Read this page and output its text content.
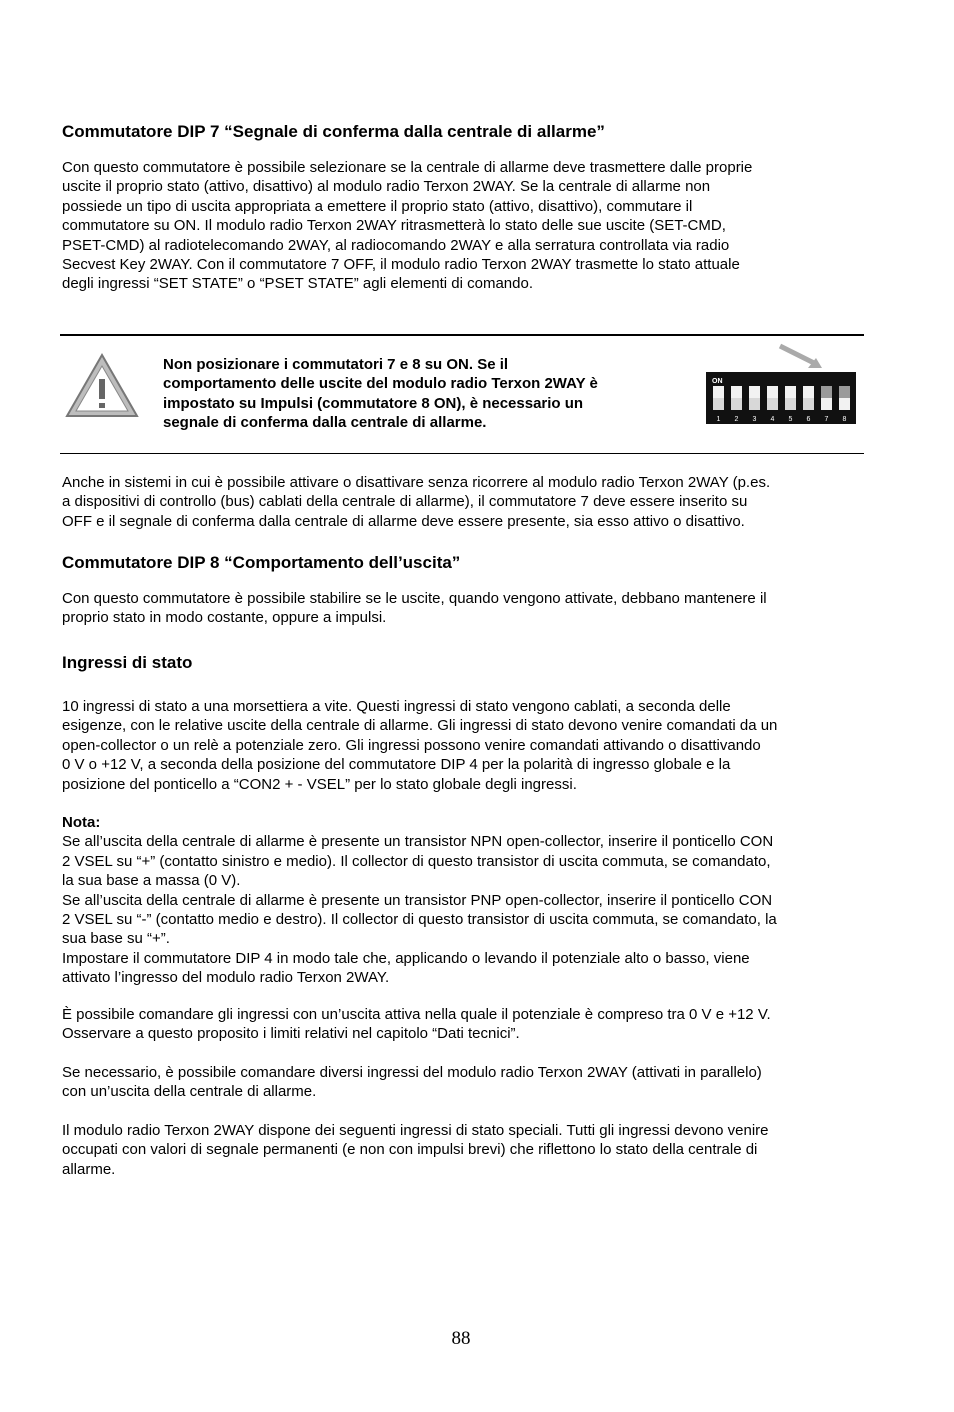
Commutatore DIP 7 “Segnale di conferma dalla centrale di allarme”
Con questo commutatore è possibile selezionare se la centrale di allarme deve trasmettere dalle proprie
uscite il proprio stato (attivo, disattivo) al modulo radio Terxon 2WAY. Se la centrale di allarme non
possiede un tipo di uscita appropriata a emettere il proprio stato (attivo, disattivo), commutare il
commutatore su ON. Il modulo radio Terxon 2WAY ritrasmetterà lo stato delle sue uscite (SET-CMD,
PSET-CMD) al radiotelecomando 2WAY, al radiocomando 2WAY e alla serratura controllata via radio
Secvest Key 2WAY. Con il commutatore 7 OFF, il modulo radio Terxon 2WAY trasmette lo stato attuale
degli ingressi “SET STATE” o “PSET STATE” agli elementi di comando.
Non posizionare i commutatori 7 e 8 su ON. Se il
comportamento delle uscite del modulo radio Terxon 2WAY è
impostato su Impulsi (commutatore 8 ON), è necessario un
segnale di conferma dalla centrale di allarme.
ON
1 2 3 4 5 6 7 8
Anche in sistemi in cui è possibile attivare o disattivare senza ricorrere al modulo radio Terxon 2WAY (p.es.
a dispositivi di controllo (bus) cablati della centrale di allarme), il commutatore 7 deve essere inserito su
OFF e il segnale di conferma dalla centrale di allarme deve essere presente, sia esso attivo o disattivo.
Commutatore DIP 8 “Comportamento dell’uscita”
Con questo commutatore è possibile stabilire se le uscite, quando vengono attivate, debbano mantenere il
proprio stato in modo costante, oppure a impulsi.
Ingressi di stato
10 ingressi di stato a una morsettiera a vite. Questi ingressi di stato vengono cablati, a seconda delle
esigenze, con le relative uscite della centrale di allarme. Gli ingressi di stato devono venire comandati da un
open-collector o un relè a potenziale zero. Gli ingressi possono venire comandati attivando o disattivando
0 V o +12 V, a seconda della posizione del commutatore DIP 4 per la polarità di ingresso globale e la
posizione del ponticello a “CON2 + - VSEL” per lo stato globale degli ingressi.
Nota:
Se all’uscita della centrale di allarme è presente un transistor NPN open-collector, inserire il ponticello CON
2 VSEL su “+” (contatto sinistro e medio). Il collector di questo transistor di uscita commuta, se comandato,
la sua base a massa (0 V).
Se all’uscita della centrale di allarme è presente un transistor PNP open-collector, inserire il ponticello CON
2 VSEL su “-” (contatto medio e destro). Il collector di questo transistor di uscita commuta, se comandato, la
sua base su “+”.
Impostare il commutatore DIP 4 in modo tale che, applicando o levando il potenziale alto o basso, viene
attivato l’ingresso del modulo radio Terxon 2WAY.
È possibile comandare gli ingressi con un’uscita attiva nella quale il potenziale è compreso tra 0 V e +12 V.
Osservare a questo proposito i limiti relativi nel capitolo “Dati tecnici”.
Se necessario, è possibile comandare diversi ingressi del modulo radio Terxon 2WAY (attivati in parallelo)
con un’uscita della centrale di allarme.
Il modulo radio Terxon 2WAY dispone dei seguenti ingressi di stato speciali. Tutti gli ingressi devono venire
occupati con valori di segnale permanenti (e non con impulsi brevi) che riflettono lo stato della centrale di
allarme.
88
